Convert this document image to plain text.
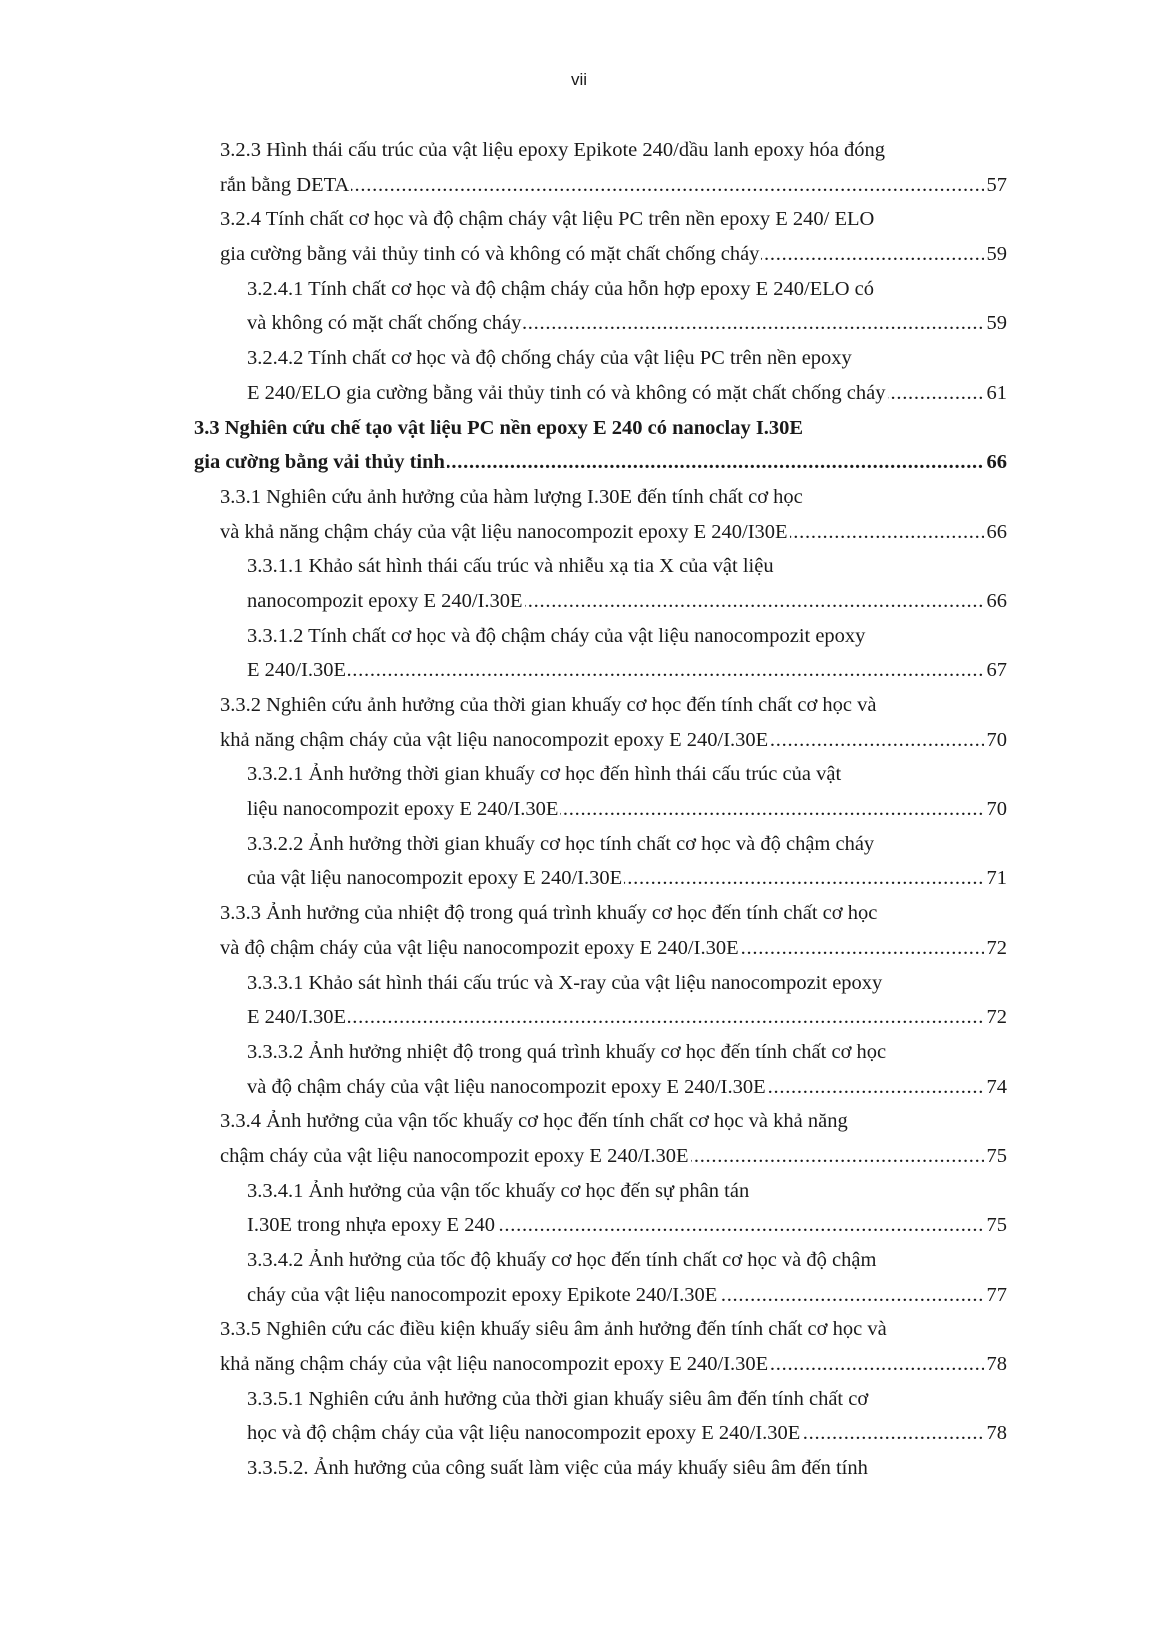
vii
3.2.3 Hình thái cấu trúc của vật liệu epoxy Epikote 240/dầu lanh epoxy hóa đóng
. . . rắn bằng DETA	57
3.2.4 Tính chất cơ học và độ chậm cháy vật liệu PC trên nền epoxy E 240/ ELO
. . . gia cường bằng vải thủy tinh có và không có mặt chất chống cháy	59
3.2.4.1 Tính chất cơ học và độ chậm cháy của hỗn hợp epoxy E 240/ELO có
. . . và không có mặt chất chống cháy	59
3.2.4.2 Tính chất cơ học và độ chống cháy của vật liệu PC trên nền epoxy
. . . E 240/ELO gia cường bằng vải thủy tinh có và không có mặt chất chống cháy	61
3.3 Nghiên cứu chế tạo vật liệu PC nền epoxy E 240 có nanoclay I.30E
. . . gia cường bằng vải thủy tinh	66
3.3.1 Nghiên cứu ảnh hưởng của hàm lượng I.30E đến tính chất cơ học
. . . và khả năng chậm cháy của vật liệu nanocompozit epoxy E 240/I30E	66
3.3.1.1 Khảo sát hình thái cấu trúc và nhiễu xạ tia X của vật liệu
. . . nanocompozit epoxy E 240/I.30E	66
3.3.1.2 Tính chất cơ học và độ chậm cháy của vật liệu nanocompozit epoxy
. . . E 240/I.30E	67
3.3.2 Nghiên cứu ảnh hưởng của thời gian khuấy cơ học đến tính chất cơ học và
. . . khả năng chậm cháy của vật liệu nanocompozit epoxy E 240/I.30E	70
3.3.2.1 Ảnh hưởng thời gian khuấy cơ học đến hình thái cấu trúc của vật
. . . liệu nanocompozit epoxy E 240/I.30E	70
3.3.2.2 Ảnh hưởng thời gian khuấy cơ học tính chất cơ học và độ chậm cháy
. . . của vật liệu nanocompozit epoxy E 240/I.30E	71
3.3.3 Ảnh hưởng của nhiệt độ trong quá trình khuấy cơ học đến tính chất cơ học
. . . và độ chậm cháy của vật liệu nanocompozit epoxy E 240/I.30E	72
3.3.3.1 Khảo sát hình thái cấu trúc và X-ray của vật liệu nanocompozit epoxy
. . . E 240/I.30E	72
3.3.3.2 Ảnh hưởng nhiệt độ trong quá trình khuấy cơ học đến tính chất cơ học
. . . và độ chậm cháy của vật liệu nanocompozit epoxy E 240/I.30E	74
3.3.4 Ảnh hưởng của vận tốc khuấy cơ học đến tính chất cơ học và khả năng
. . . chậm cháy của vật liệu nanocompozit epoxy E 240/I.30E	75
3.3.4.1 Ảnh hưởng của vận tốc khuấy cơ học đến sự phân tán
. . . I.30E trong nhựa epoxy E 240	75
3.3.4.2 Ảnh hưởng của tốc độ khuấy cơ học đến tính chất cơ học và độ chậm
. . . cháy của vật liệu nanocompozit epoxy Epikote 240/I.30E	77
3.3.5 Nghiên cứu các điều kiện khuấy siêu âm ảnh hưởng đến tính chất cơ học và
. . . khả năng chậm cháy của vật liệu nanocompozit epoxy E 240/I.30E	78
3.3.5.1 Nghiên cứu ảnh hưởng của thời gian khuấy siêu âm đến tính chất cơ
. . . học và độ chậm cháy của vật liệu nanocompozit epoxy E 240/I.30E	78
3.3.5.2. Ảnh hưởng của công suất làm việc của máy khuấy siêu âm đến tính
